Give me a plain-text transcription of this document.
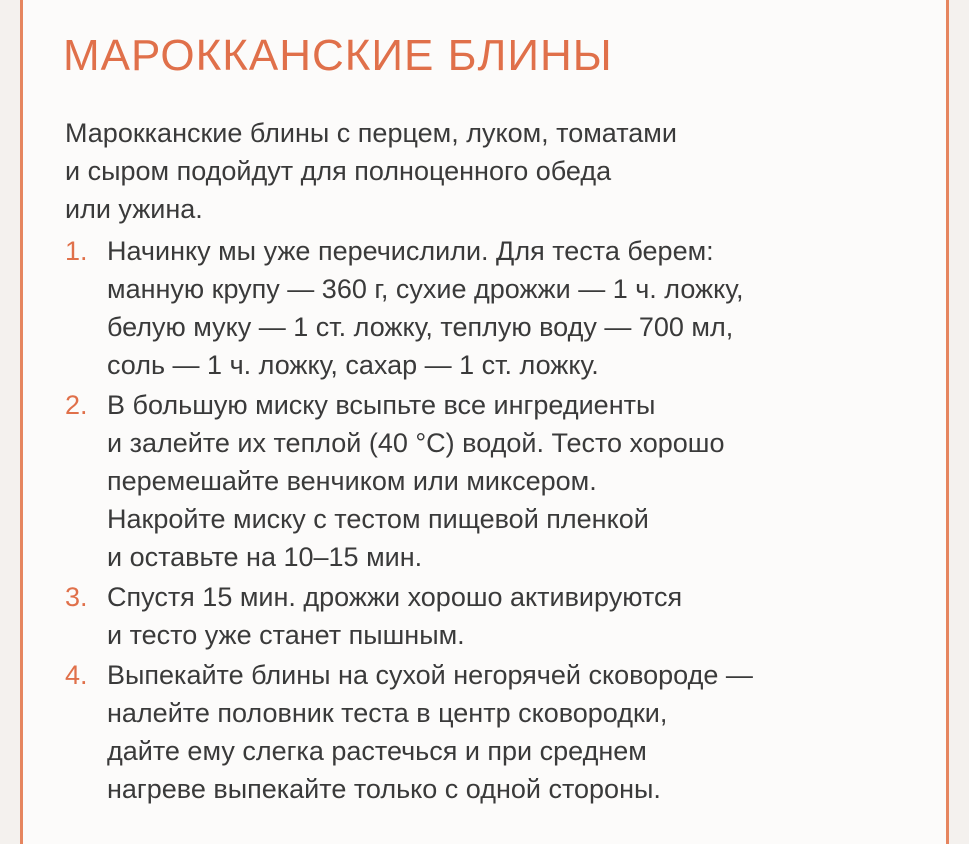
МАРОККАНСКИЕ БЛИНЫ

Марокканские блины с перцем, луком, томатами
и сыром подойдут для полноценного обеда
или ужина.

1. Начинку мы уже перечислили. Для теста берем:
манную крупу — 360 г, сухие дрожжи — 1 ч. ложку,
белую муку — 1 ст. ложку, теплую воду — 700 мл,
соль — 1 ч. ложку, сахар — 1 ст. ложку.
2. В большую миску всыпьте все ингредиенты
и залейте их теплой (40 °С) водой. Тесто хорошо
перемешайте венчиком или миксером.
Накройте миску с тестом пищевой пленкой
и оставьте на 10–15 мин.
3. Спустя 15 мин. дрожжи хорошо активируются
и тесто уже станет пышным.
4. Выпекайте блины на сухой негорячей сковороде —
налейте половник теста в центр сковородки,
дайте ему слегка растечься и при среднем
нагреве выпекайте только с одной стороны.
